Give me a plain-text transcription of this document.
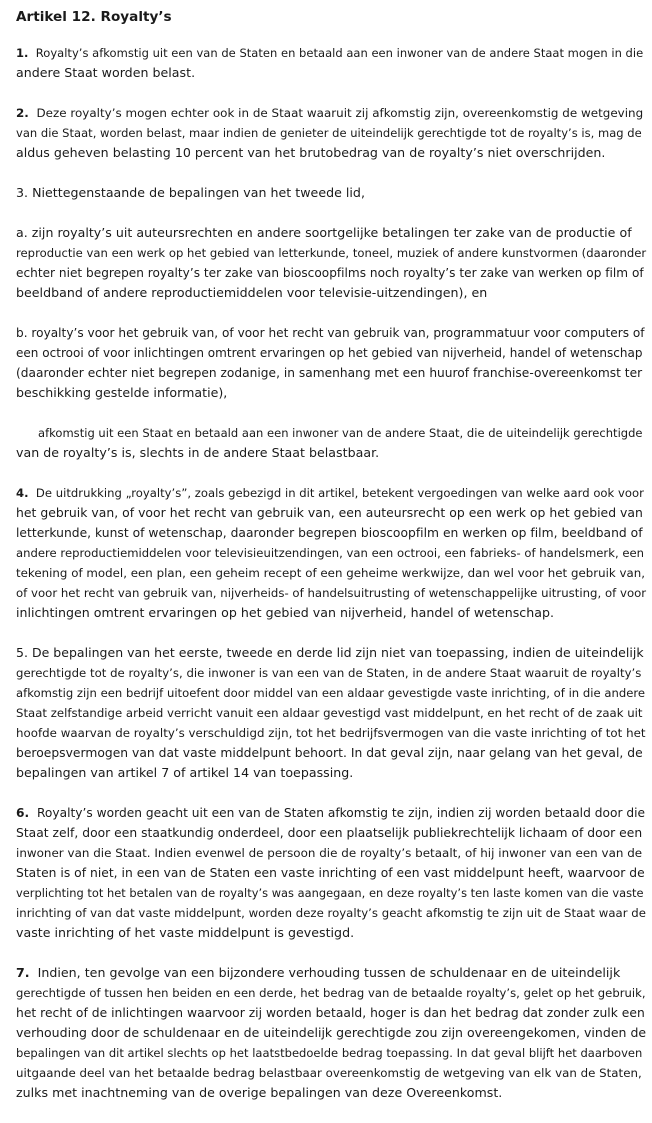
Artikel 12. Royalty’s
1.  Royalty’s afkomstig uit een van de Staten en betaald aan een inwoner van de andere Staat mogen in die
andere Staat worden belast.
2.  Deze royalty’s mogen echter ook in de Staat waaruit zij afkomstig zijn, overeenkomstig de wetgeving
van die Staat, worden belast, maar indien de genieter de uiteindelijk gerechtigde tot de royalty’s is, mag de
aldus geheven belasting 10 percent van het brutobedrag van de royalty’s niet overschrijden.
3. Niettegenstaande de bepalingen van het tweede lid,
a. zijn royalty’s uit auteursrechten en andere soortgelijke betalingen ter zake van de productie of
reproductie van een werk op het gebied van letterkunde, toneel, muziek of andere kunstvormen (daaronder
echter niet begrepen royalty’s ter zake van bioscoopfilms noch royalty’s ter zake van werken op film of
beeldband of andere reproductiemiddelen voor televisie-uitzendingen), en
b. royalty’s voor het gebruik van, of voor het recht van gebruik van, programmatuur voor computers of
een octrooi of voor inlichtingen omtrent ervaringen op het gebied van nijverheid, handel of wetenschap
(daaronder echter niet begrepen zodanige, in samenhang met een huurof franchise-overeenkomst ter
beschikking gestelde informatie),
afkomstig uit een Staat en betaald aan een inwoner van de andere Staat, die de uiteindelijk gerechtigde
van de royalty’s is, slechts in de andere Staat belastbaar.
4.  De uitdrukking „royalty’s”, zoals gebezigd in dit artikel, betekent vergoedingen van welke aard ook voor
het gebruik van, of voor het recht van gebruik van, een auteursrecht op een werk op het gebied van
letterkunde, kunst of wetenschap, daaronder begrepen bioscoopfilm en werken op film, beeldband of
andere reproductiemiddelen voor televisieuitzendingen, van een octrooi, een fabrieks- of handelsmerk, een
tekening of model, een plan, een geheim recept of een geheime werkwijze, dan wel voor het gebruik van,
of voor het recht van gebruik van, nijverheids- of handelsuitrusting of wetenschappelijke uitrusting, of voor
inlichtingen omtrent ervaringen op het gebied van nijverheid, handel of wetenschap.
5. De bepalingen van het eerste, tweede en derde lid zijn niet van toepassing, indien de uiteindelijk
gerechtigde tot de royalty’s, die inwoner is van een van de Staten, in de andere Staat waaruit de royalty’s
afkomstig zijn een bedrijf uitoefent door middel van een aldaar gevestigde vaste inrichting, of in die andere
Staat zelfstandige arbeid verricht vanuit een aldaar gevestigd vast middelpunt, en het recht of de zaak uit
hoofde waarvan de royalty’s verschuldigd zijn, tot het bedrijfsvermogen van die vaste inrichting of tot het
beroepsvermogen van dat vaste middelpunt behoort. In dat geval zijn, naar gelang van het geval, de
bepalingen van artikel 7 of artikel 14 van toepassing.
6.  Royalty’s worden geacht uit een van de Staten afkomstig te zijn, indien zij worden betaald door die
Staat zelf, door een staatkundig onderdeel, door een plaatselijk publiekrechtelijk lichaam of door een
inwoner van die Staat. Indien evenwel de persoon die de royalty’s betaalt, of hij inwoner van een van de
Staten is of niet, in een van de Staten een vaste inrichting of een vast middelpunt heeft, waarvoor de
verplichting tot het betalen van de royalty’s was aangegaan, en deze royalty’s ten laste komen van die vaste
inrichting of van dat vaste middelpunt, worden deze royalty’s geacht afkomstig te zijn uit de Staat waar de
vaste inrichting of het vaste middelpunt is gevestigd.
7.  Indien, ten gevolge van een bijzondere verhouding tussen de schuldenaar en de uiteindelijk
gerechtigde of tussen hen beiden en een derde, het bedrag van de betaalde royalty’s, gelet op het gebruik,
het recht of de inlichtingen waarvoor zij worden betaald, hoger is dan het bedrag dat zonder zulk een
verhouding door de schuldenaar en de uiteindelijk gerechtigde zou zijn overeengekomen, vinden de
bepalingen van dit artikel slechts op het laatstbedoelde bedrag toepassing. In dat geval blijft het daarboven
uitgaande deel van het betaalde bedrag belastbaar overeenkomstig de wetgeving van elk van de Staten,
zulks met inachtneming van de overige bepalingen van deze Overeenkomst.
